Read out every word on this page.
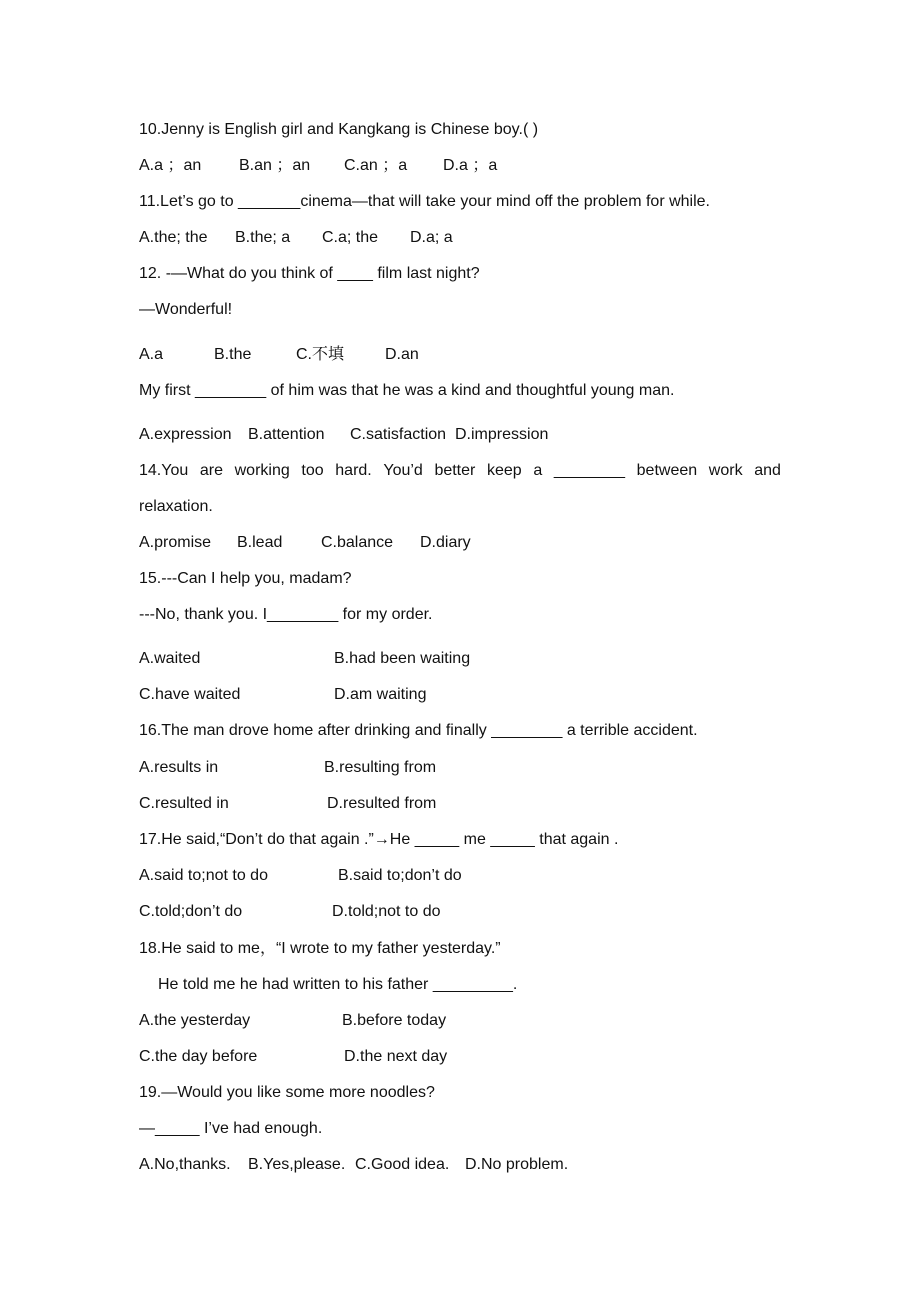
10.Jenny is English girl and Kangkang is Chinese boy.( )
A.a ；an B.an ；an C.an ；a D.a ；a
11.Let’s go to _______cinema—that will take your mind off the problem for while.
A.the; the B.the; a C.a; the D.a; a
12. -—What do you think of ____ film last night?
—Wonderful!
A.a	B.the	C.不填	D.an
My first ________ of him was that he was a kind and thoughtful young man.
A.expression B.attention C.satisfaction D.impression
14.You are working too hard. You’d better keep a ________ between work and
relaxation.
A.promise B.lead C.balance D.diary
15.---Can I help you, madam?
---No, thank you. I________ for my order.
A.waited	B.had been waiting
C.have waited	D.am waiting
16.The man drove home after drinking and finally ________ a terrible accident.
A.results in	B.resulting from
C.resulted in	D.resulted from
17.He said,“Don’t do that again .”→He _____ me _____ that again .
A.said to;not to do	B.said to;don’t do
C.told;don’t do	D.told;not to do
18.He said to me，“I wrote to my father yesterday.”
He told me he had written to his father _________.
A.the yesterday	B.before today
C.the day before	D.the next day
19.—Would you like some more noodles?
—_____ I’ve had enough.
A.No,thanks. B.Yes,please. C.Good idea. D.No problem.
